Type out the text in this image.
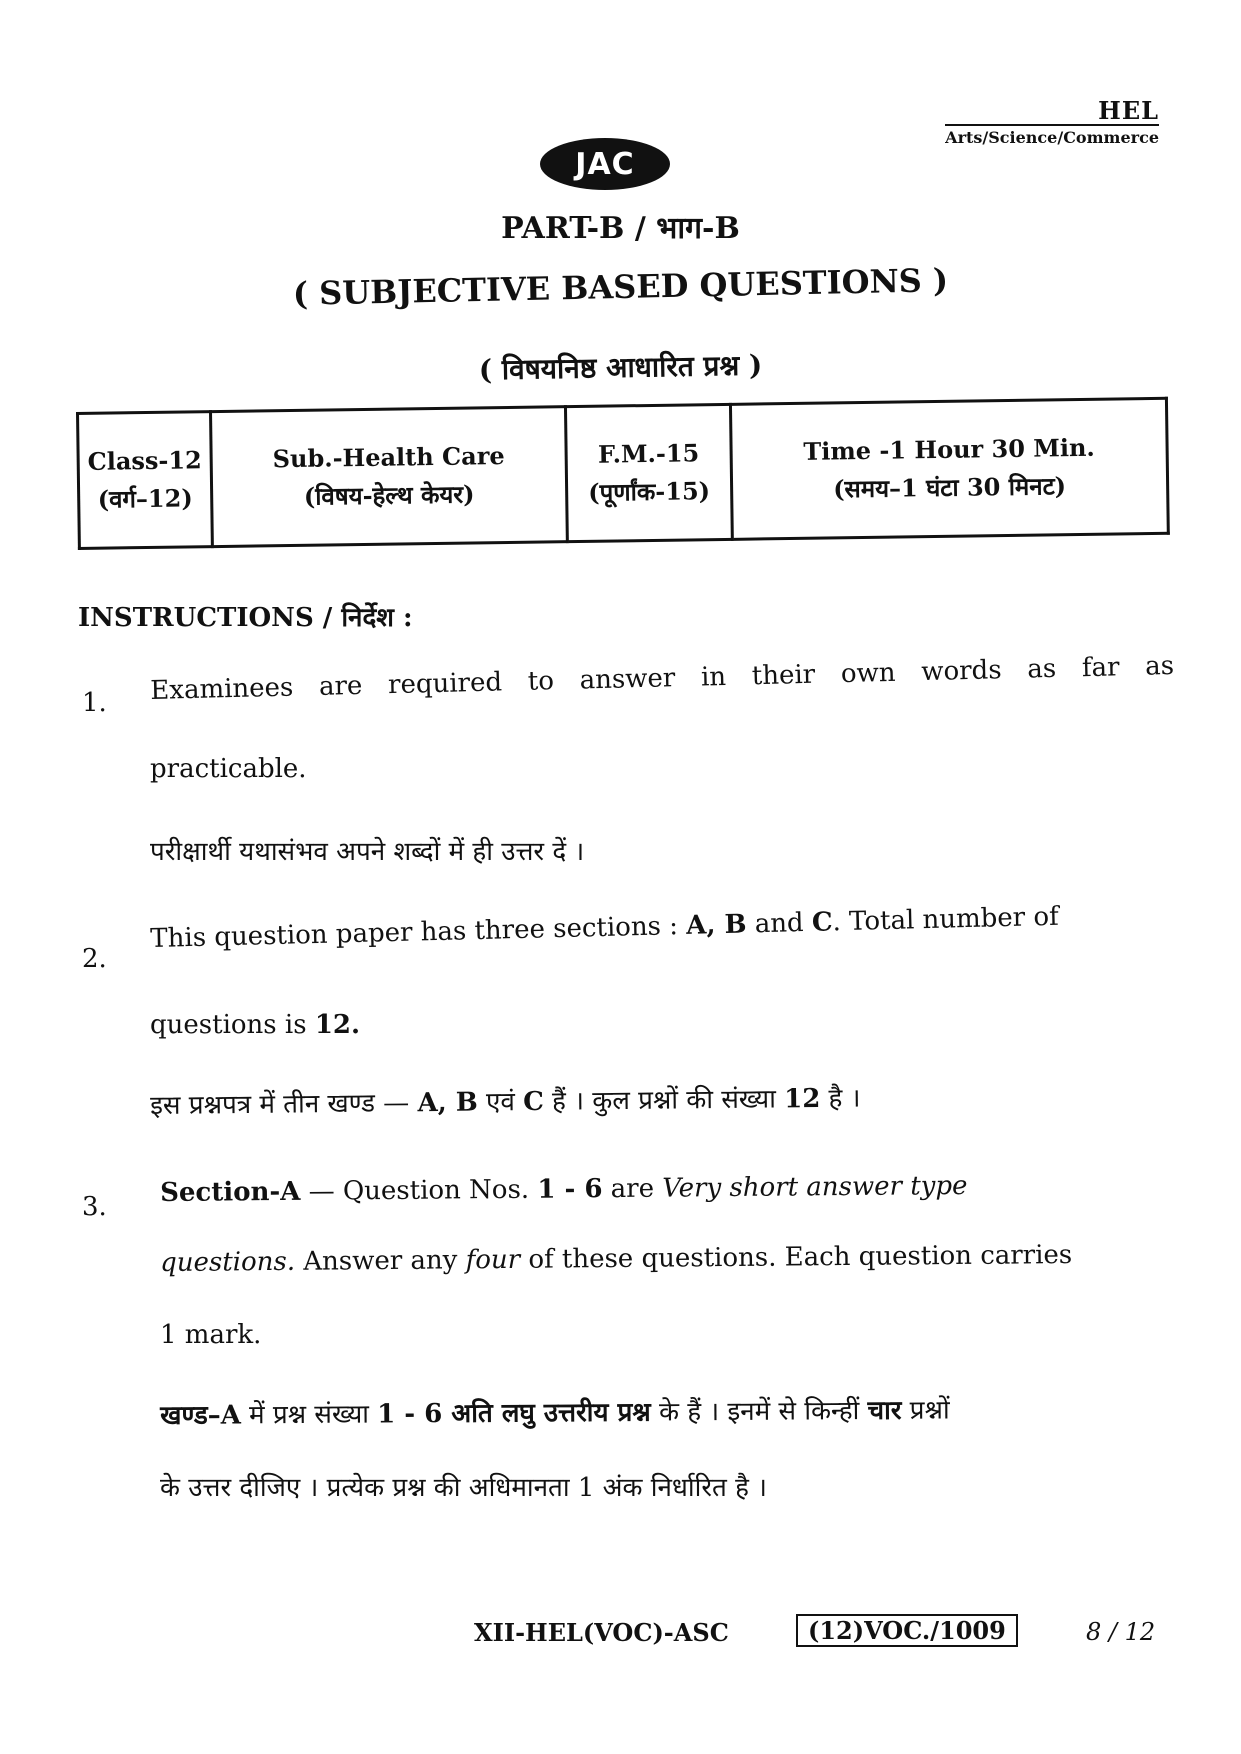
HEL
Arts/Science/Commerce
JAC
PART-B / भाग-B
( SUBJECTIVE BASED QUESTIONS )
( विषयनिष्ठ आधारित प्रश्न )
Class-12
(वर्ग–12)

Sub.-Health Care
(विषय-हेल्थ केयर)

F.M.-15
(पूर्णांक-15)

Time -1 Hour 30 Min.
(समय–1 घंटा 30 मिनट)
INSTRUCTIONS / निर्देश :
1. Examinees are required to answer in their own words as far as
practicable.
परीक्षार्थी यथासंभव अपने शब्दों में ही उत्तर दें ।
2.
This question paper has three sections : A, B and C. Total number of
questions is 12.
इस प्रश्नपत्र में तीन खण्ड — A, B एवं C हैं । कुल प्रश्नों की संख्या 12 है ।
3. Section-A — Question Nos. 1 - 6 are Very short answer type
questions. Answer any four of these questions. Each question carries
1 mark.
खण्ड–A में प्रश्न संख्या 1 - 6 अति लघु उत्तरीय प्रश्न के हैं । इनमें से किन्हीं चार प्रश्नों
के उत्तर दीजिए । प्रत्येक प्रश्न की अधिमानता 1 अंक निर्धारित है ।
XII-HEL(VOC)-ASC	(12)VOC./1009	8 / 12
